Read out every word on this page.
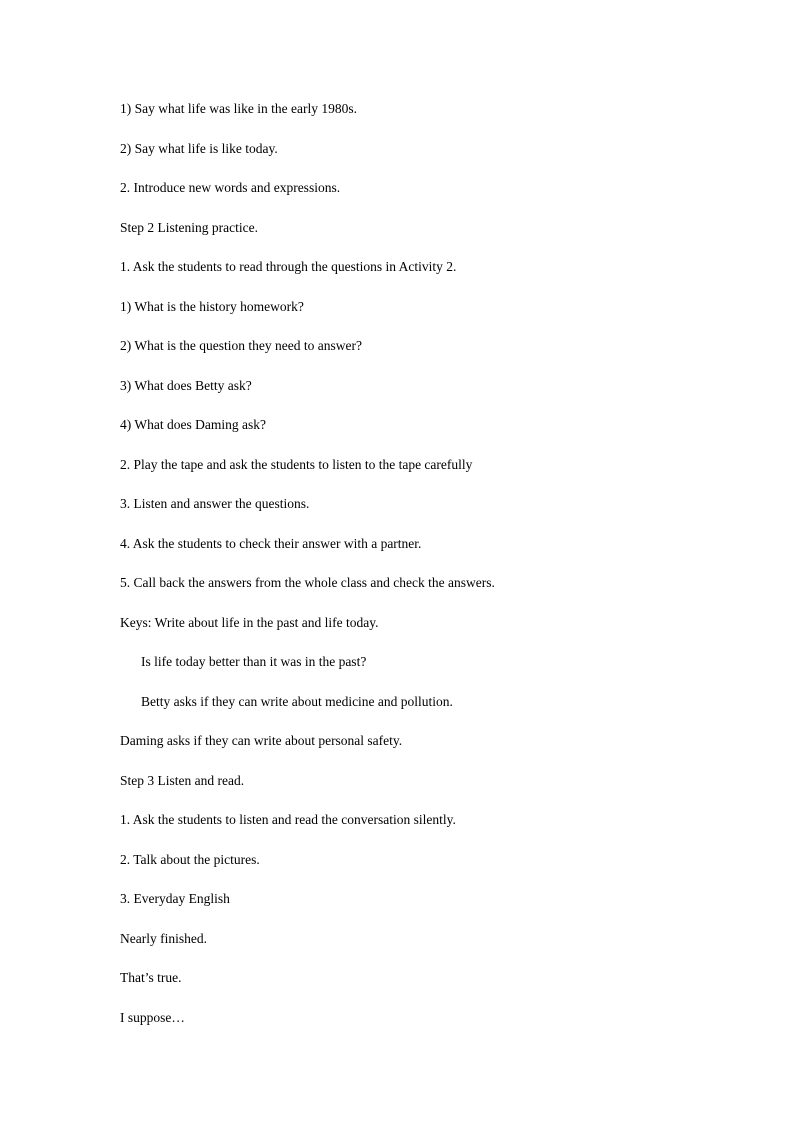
1) Say what life was like in the early 1980s.
2) Say what life is like today.
2. Introduce new words and expressions.
Step 2 Listening practice.
1. Ask the students to read through the questions in Activity 2.
1) What is the history homework?
2) What is the question they need to answer?
3) What does Betty ask?
4) What does Daming ask?
2. Play the tape and ask the students to listen to the tape carefully
3. Listen and answer the questions.
4. Ask the students to check their answer with a partner.
5. Call back the answers from the whole class and check the answers.
Keys: Write about life in the past and life today.
Is life today better than it was in the past?
Betty asks if they can write about medicine and pollution.
Daming asks if they can write about personal safety.
Step 3 Listen and read.
1. Ask the students to listen and read the conversation silently.
2. Talk about the pictures.
3. Everyday English
Nearly finished.
That’s true.
I suppose…
